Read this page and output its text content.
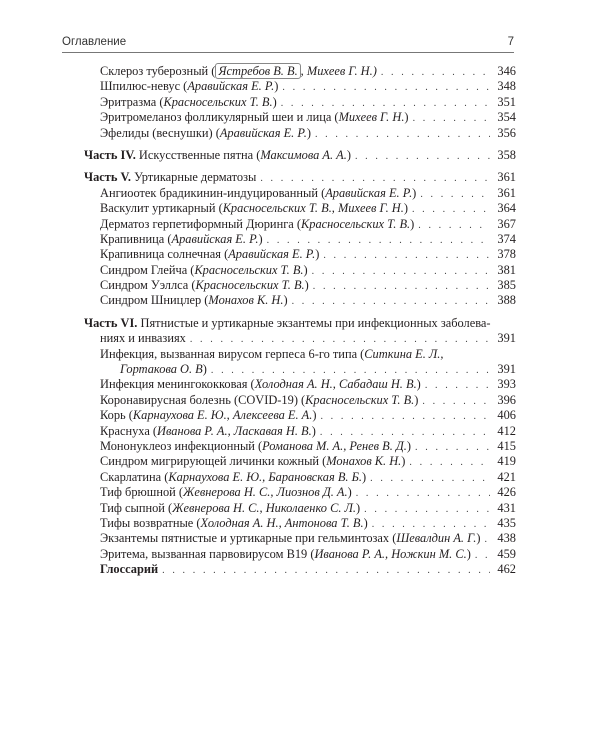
Оглавление	7
Склероз туберозный ( Ястребов В. В. , Михеев Г. Н.) . . .	346
Шпилюс-невус (Аравийская Е. Р.) . . .	348
Эритразма (Красносельских Т. В.) . . .	351
Эритромеланоз фолликулярный шеи и лица (Михеев Г. Н.) . . .	354
Эфелиды (веснушки) (Аравийская Е. Р.) . . .	356
Часть IV. Искусственные пятна (Максимова А. А.) . . .	358
Часть V. Уртикарные дерматозы . . .	361
Ангиоотек брадикинин-индуцированный (Аравийская Е. Р.) . . .	361
Васкулит уртикарный (Красносельских Т. В., Михеев Г. Н.) . . .	364
Дерматоз герпетиформный Дюринга (Красносельских Т. В.) . . .	367
Крапивница (Аравийская Е. Р.) . . .	374
Крапивница солнечная (Аравийская Е. Р.) . . .	378
Синдром Глейча (Красносельских Т. В.) . . .	381
Синдром Уэллса (Красносельских Т. В.) . . .	385
Синдром Шницлер (Монахов К. Н.) . . .	388
Часть VI. Пятнистые и уртикарные экзантемы при инфекционных заболева-
ниях и инвазиях . . .	391
Инфекция, вызванная вирусом герпеса 6-го типа (Ситкина Е. Л.,
Гортакова О. В) . . .	391
Инфекция менингококковая (Холодная А. Н., Сабадаш Н. В.) . . .	393
Коронавирусная болезнь (COVID-19) (Красносельских Т. В.) . . .	396
Корь (Карнаухова Е. Ю., Алексеева Е. А.) . . .	406
Краснуха (Иванова Р. А., Ласкавая Н. В.) . . .	412
Мононуклеоз инфекционный (Романова М. А., Ренев В. Д.) . . .	415
Синдром мигрирующей личинки кожный (Монахов К. Н.) . . .	419
Скарлатина (Карнаухова Е. Ю., Барановская В. Б.) . . .	421
Тиф брюшной (Жевнерова Н. С., Лиознов Д. А.) . . .	426
Тиф сыпной (Жевнерова Н. С., Николаенко С. Л.) . . .	431
Тифы возвратные (Холодная А. Н., Антонова Т. В.) . . .	435
Экзантемы пятнистые и уртикарные при гельминтозах (Шевалдин А. Г.) . . . 438
Эритема, вызванная парвовирусом B19 (Иванова Р. А., Ножкин М. С.) . . . 459
Глоссарий . . .	462
